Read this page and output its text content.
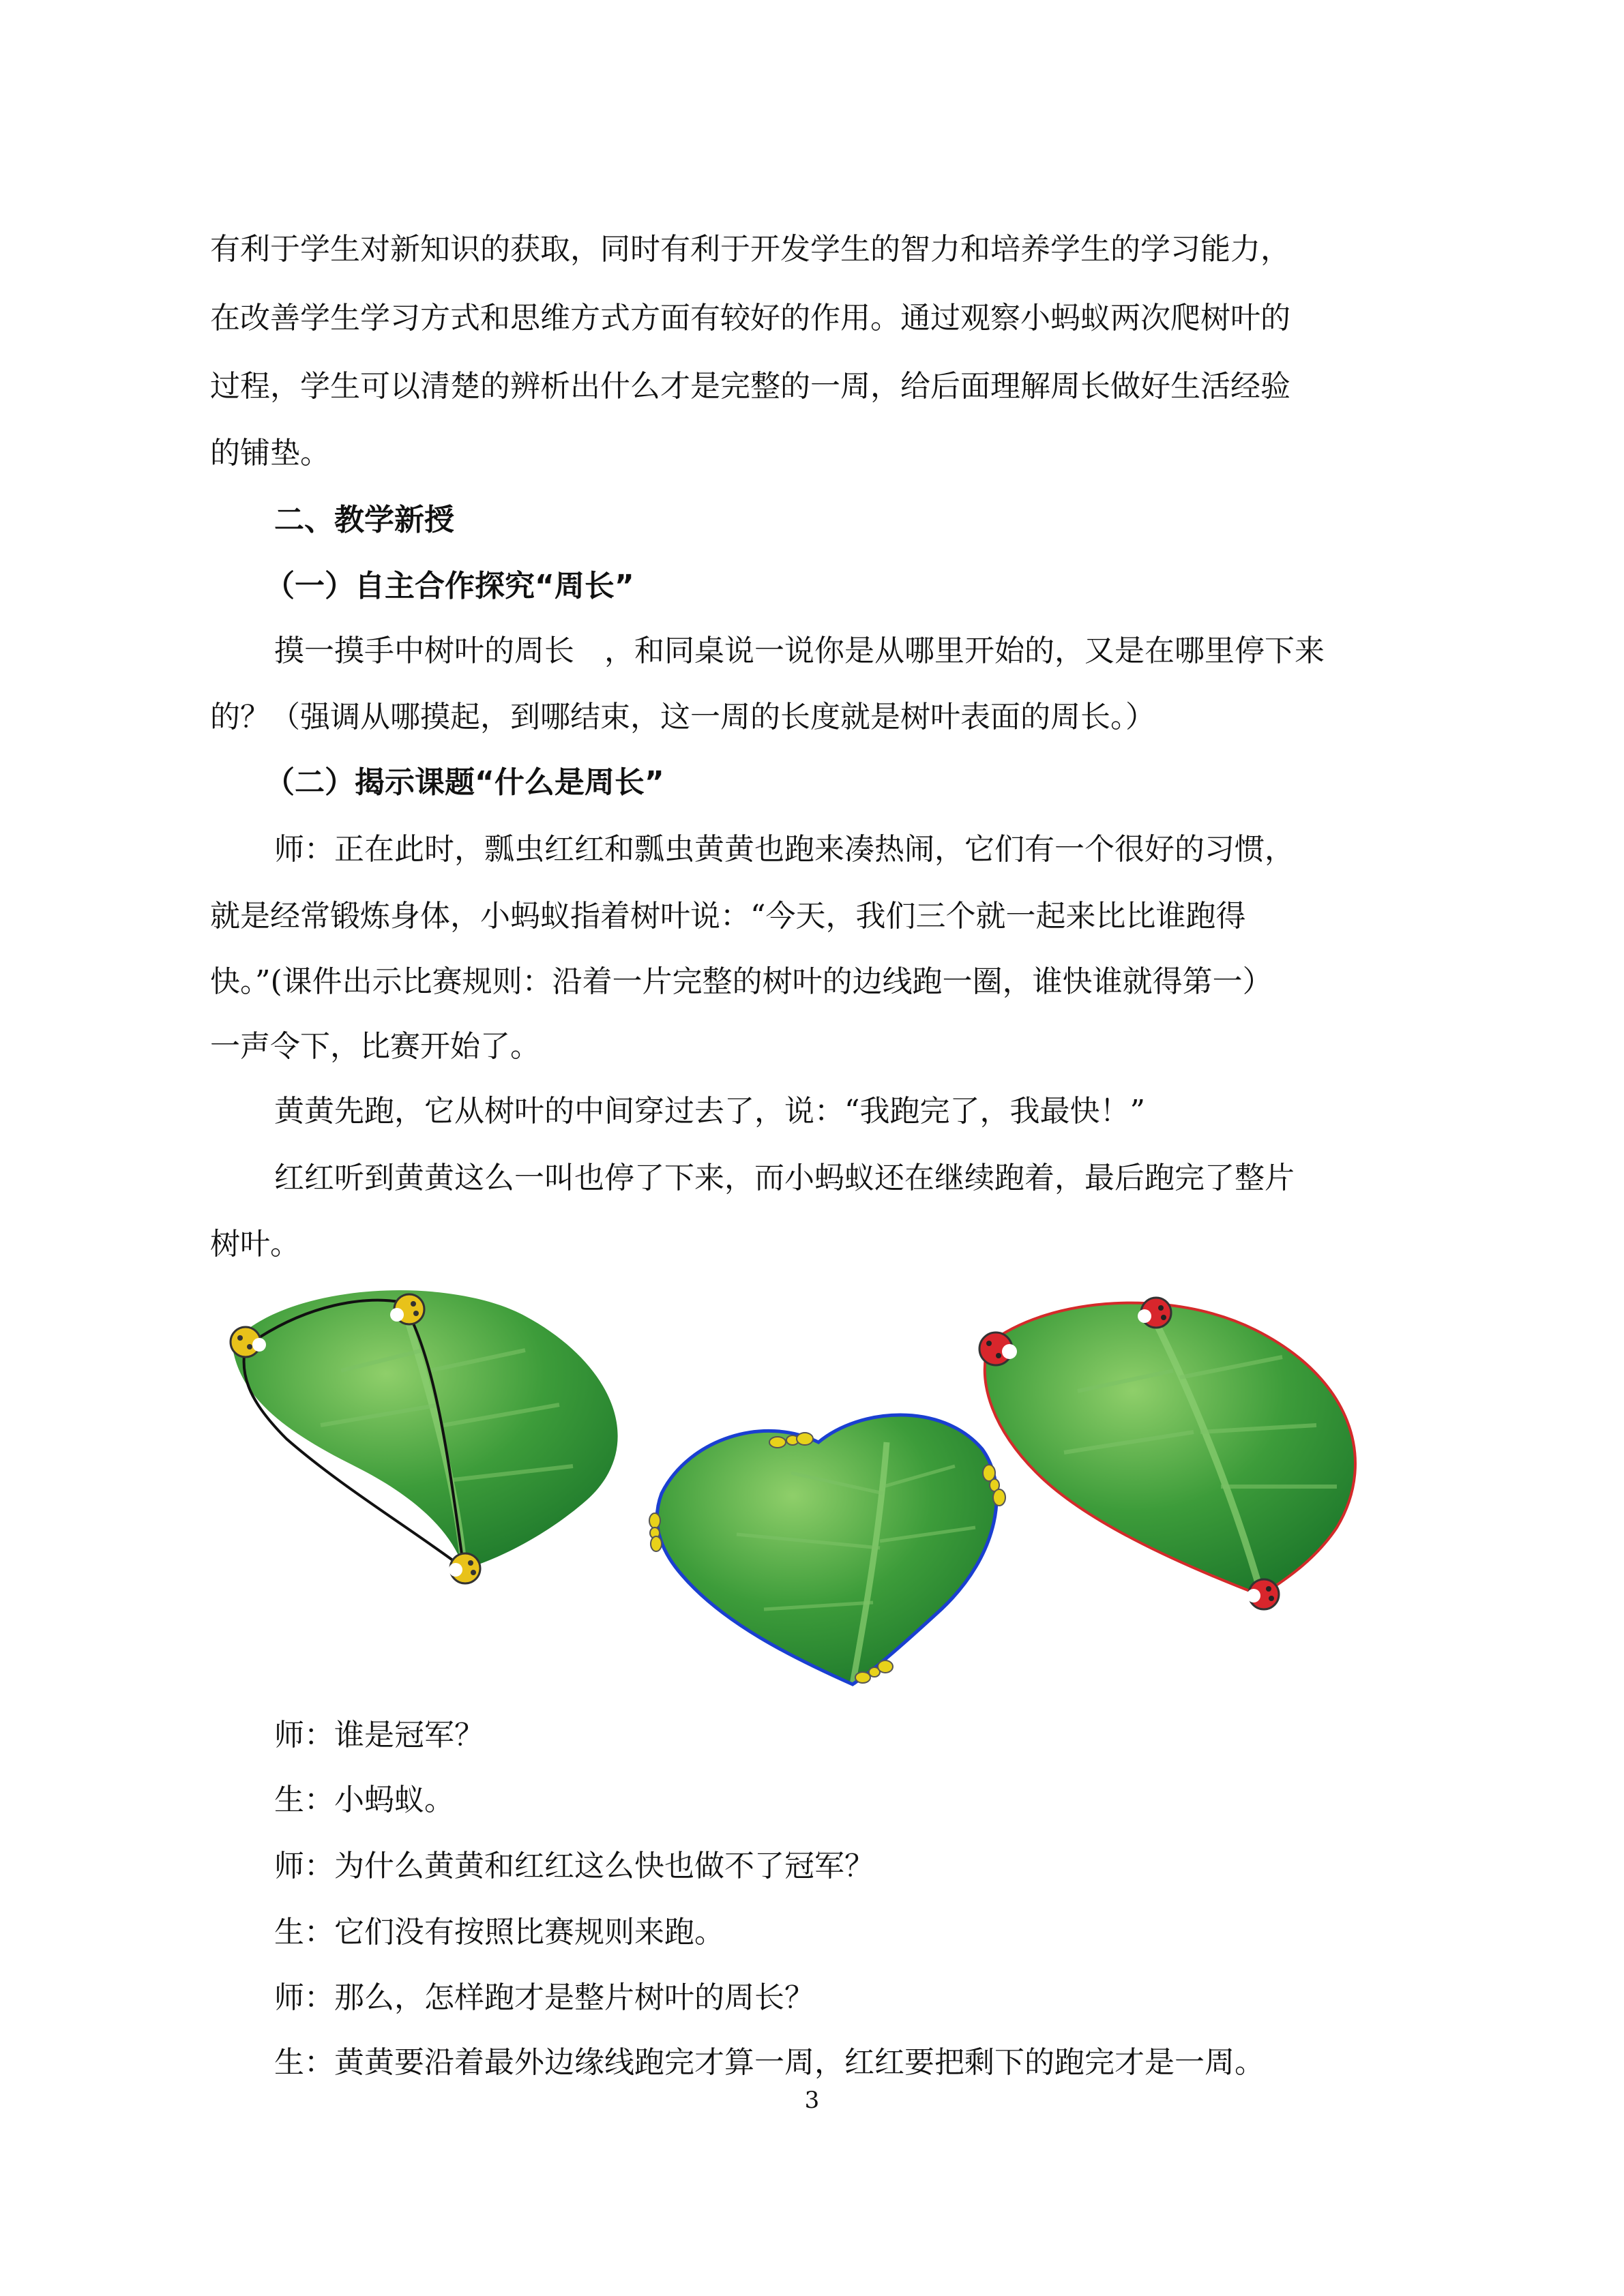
有利于学生对新知识的获取，同时有利于开发学生的智力和培养学生的学习能力，
在改善学生学习方式和思维方式方面有较好的作用。通过观察小蚂蚁两次爬树叶的
过程，学生可以清楚的辨析出什么才是完整的一周，给后面理解周长做好生活经验
的铺垫。
二、教学新授
（一）自主合作探究“周长”
摸一摸手中树叶的周长　，和同桌说一说你是从哪里开始的，又是在哪里停下来
的？（强调从哪摸起，到哪结束，这一周的长度就是树叶表面的周长。）
（二）揭示课题“什么是周长”
师：正在此时，瓢虫红红和瓢虫黄黄也跑来凑热闹，它们有一个很好的习惯，
就是经常锻炼身体，小蚂蚁指着树叶说：“今天，我们三个就一起来比比谁跑得
快。”(课件出示比赛规则：沿着一片完整的树叶的边线跑一圈，谁快谁就得第一）
一声令下，比赛开始了。
黄黄先跑，它从树叶的中间穿过去了，说：“我跑完了，我最快！”
红红听到黄黄这么一叫也停了下来，而小蚂蚁还在继续跑着，最后跑完了整片
树叶。
师：谁是冠军？
生：小蚂蚁。
师：为什么黄黄和红红这么快也做不了冠军？
生：它们没有按照比赛规则来跑。
师：那么，怎样跑才是整片树叶的周长？
生：黄黄要沿着最外边缘线跑完才算一周，红红要把剩下的跑完才是一周。
3
